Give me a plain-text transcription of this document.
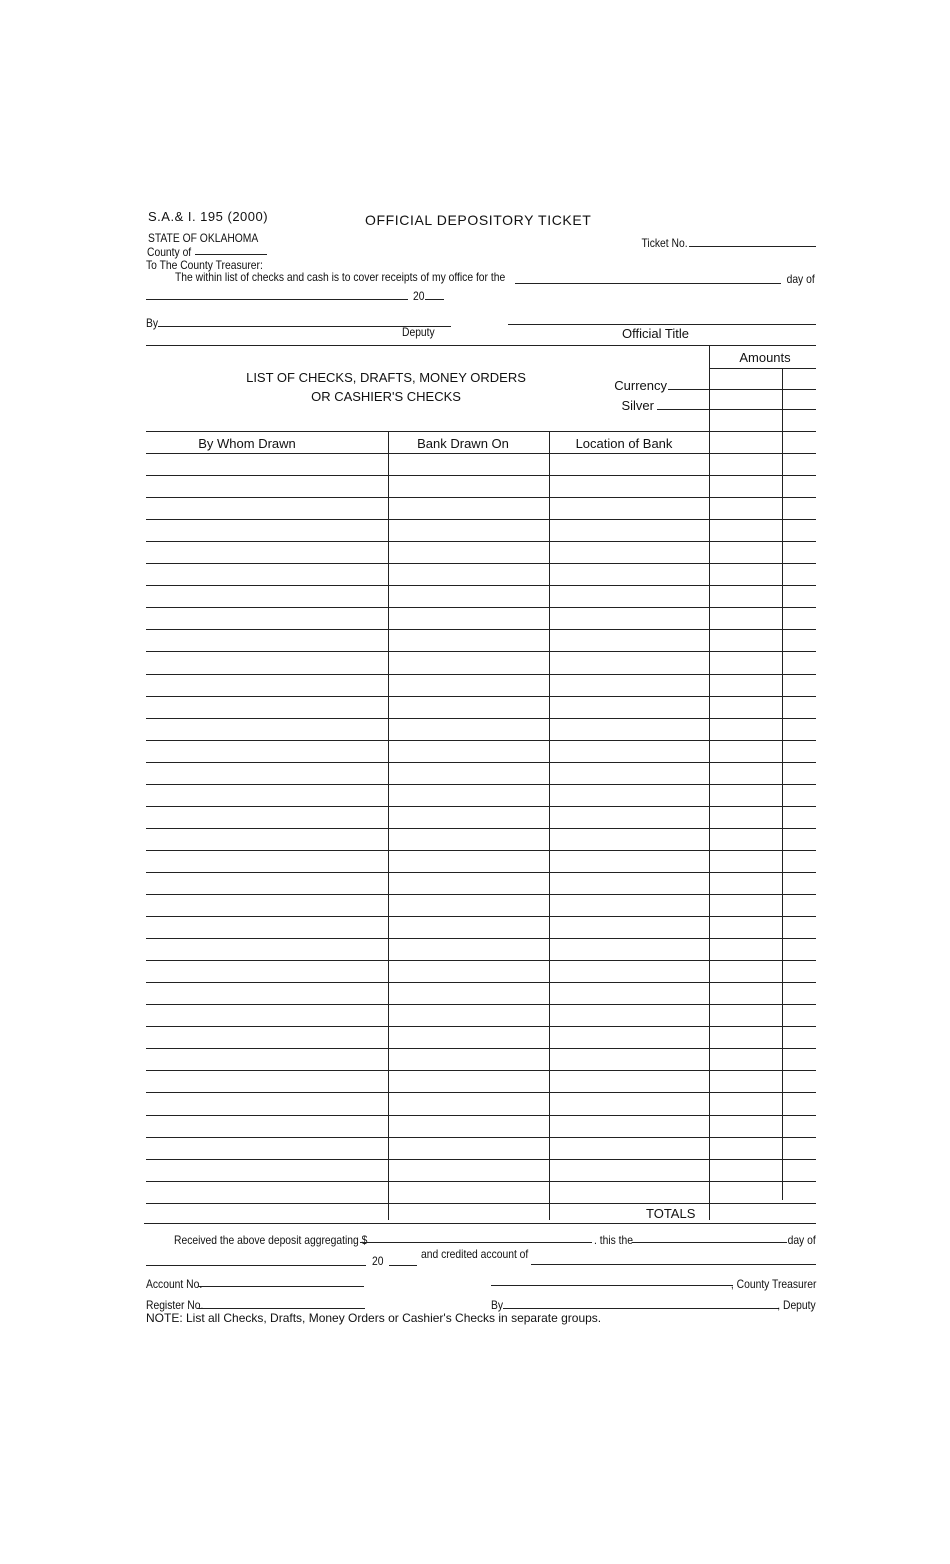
S.A.& I. 195 (2000)	OFFICIAL DEPOSITORY TICKET
STATE OF OKLAHOMA	Ticket No.
County of
To The County Treasurer:
The within list of checks and cash is to cover receipts of my office for the	day of
20
By
Deputy	Official Title
LIST OF CHECKS, DRAFTS, MONEY ORDERS
OR CASHIER'S CHECKS
Amounts
Currency
Silver
By Whom Drawn	Bank Drawn On	Location of Bank
TOTALS
Received the above deposit aggregating $	. this the	day of
20	and credited account of
Account No.	, County Treasurer
Register No.	By	, Deputy
NOTE: List all Checks, Drafts, Money Orders or Cashier's Checks in separate groups.
